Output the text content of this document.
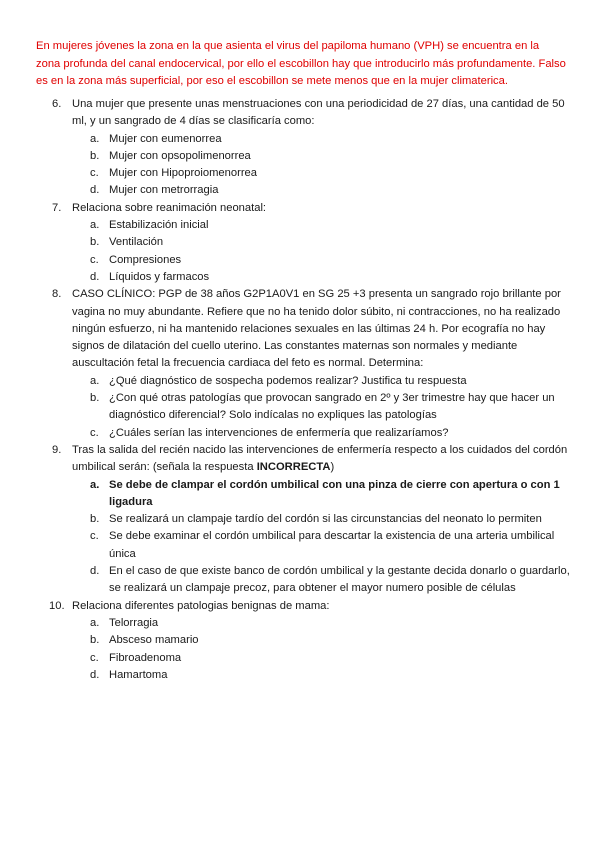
En mujeres jóvenes la zona en la que asienta el virus del papiloma humano (VPH) se encuentra en la zona profunda del canal endocervical, por ello el escobillon hay que introducirlo más profundamente. Falso es en la zona más superficial, por eso el escobillon se mete menos que en la mujer climaterica.

6. Una mujer que presente unas menstruaciones con una periodicidad de 27 días, una cantidad de 50 ml, y un sangrado de 4 días se clasificaría como:
a. Mujer con eumenorrea
b. Mujer con opsopolimenorrea
c. Mujer con Hipoproiomenorrea
d. Mujer con metrorragia
7. Relaciona sobre reanimación neonatal:
a. Estabilización inicial
b. Ventilación
c. Compresiones
d. Líquidos y farmacos
8. CASO CLÍNICO: PGP de 38 años G2P1A0V1 en SG 25 +3 presenta un sangrado rojo brillante por vagina no muy abundante. Refiere que no ha tenido dolor súbito, ni contracciones, no ha realizado ningún esfuerzo, ni ha mantenido relaciones sexuales en las últimas 24 h. Por ecografía no hay signos de dilatación del cuello uterino. Las constantes maternas son normales y mediante auscultación fetal la frecuencia cardiaca del feto es normal. Determina:
a. ¿Qué diagnóstico de sospecha podemos realizar? Justifica tu respuesta
b. ¿Con qué otras patologías que provocan sangrado en 2º y 3er trimestre hay que hacer un diagnóstico diferencial? Solo indícalas no expliques las patologías
c. ¿Cuáles serían las intervenciones de enfermería que realizaríamos?
9. Tras la salida del recién nacido las intervenciones de enfermería respecto a los cuidados del cordón umbilical serán: (señala la respuesta INCORRECTA)
a. Se debe de clampar el cordón umbilical con una pinza de cierre con apertura o con 1 ligadura
b. Se realizará un clampaje tardío del cordón si las circunstancias del neonato lo permiten
c. Se debe examinar el cordón umbilical para descartar la existencia de una arteria umbilical única
d. En el caso de que existe banco de cordón umbilical y la gestante decida donarlo o guardarlo, se realizará un clampaje precoz, para obtener el mayor numero posible de células
10. Relaciona diferentes patologias benignas de mama:
a. Telorragia
b. Absceso mamario
c. Fibroadenoma
d. Hamartoma
